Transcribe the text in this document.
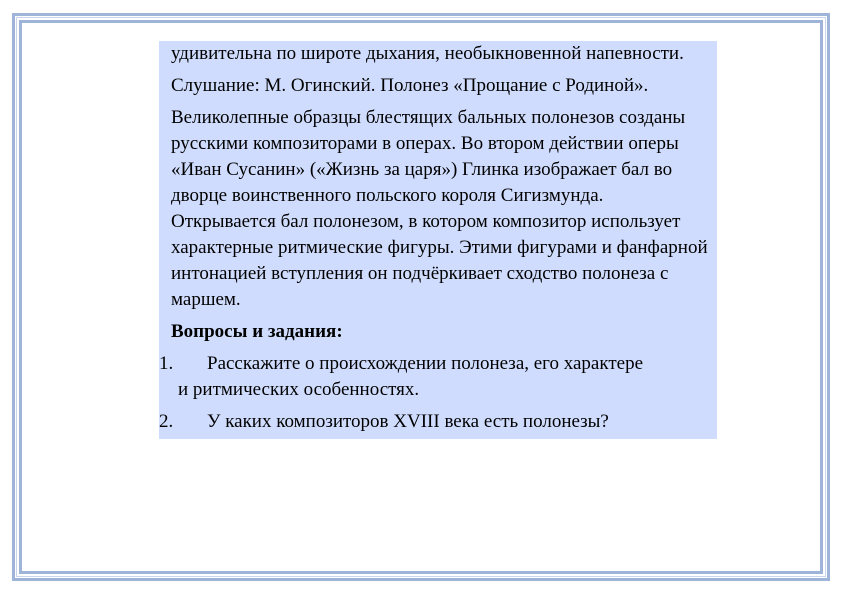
удивительна по широте дыхания, необыкновенной напевности.

Слушание: М. Огинский. Полонез «Прощание с Родиной».

Великолепные образцы блестящих бальных полонезов созданы русскими композиторами в операх. Во втором действии оперы «Иван Сусанин» («Жизнь за царя») Глинка изображает бал во дворце воинственного польского короля Сигизмунда. Открывается бал полонезом, в котором композитор использует характерные ритмические фигуры. Этими фигурами и фанфарной интонацией вступления он подчёркивает сходство полонеза с маршем.

Вопросы и задания:

1. Расскажите о происхождении полонеза, его характере
и ритмических особенностях.
2. У каких композиторов XVIII века есть полонезы?
